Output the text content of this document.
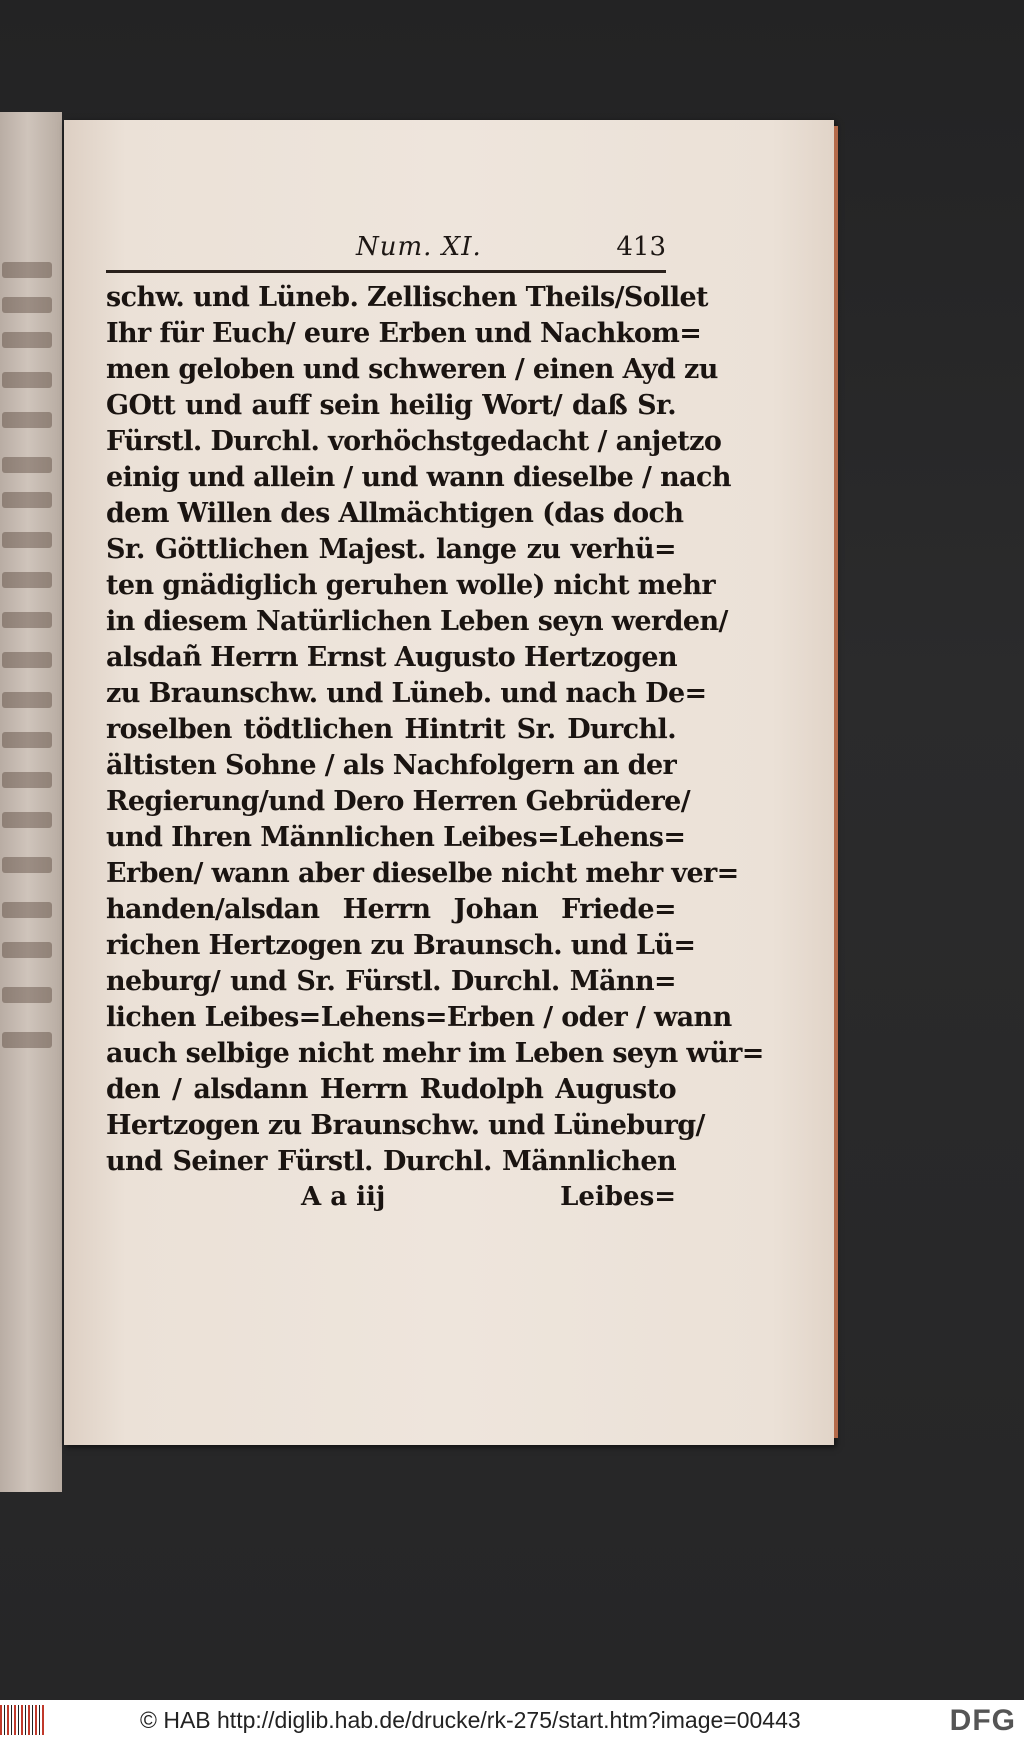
Num. XI.	413
schw. und Lüneb. Zellischen Theils/Sollet
Ihr für Euch/ eure Erben und Nachkom=
men geloben und schweren / einen Ayd zu
GOtt und auff sein heilig Wort/ daß Sr.
Fürstl. Durchl. vorhöchstgedacht / anjetzo
einig und allein / und wann dieselbe / nach
dem Willen des Allmächtigen (das doch
Sr. Göttlichen Majest. lange zu verhü=
ten gnädiglich geruhen wolle) nicht mehr
in diesem Natürlichen Leben seyn werden/
alsdañ Herrn Ernst Augusto Hertzogen
zu Braunschw. und Lüneb. und nach De=
roselben tödtlichen Hintrit Sr. Durchl.
ältisten Sohne / als Nachfolgern an der
Regierung/und Dero Herren Gebrüdere/
und Ihren Männlichen Leibes=Lehens=
Erben/ wann aber dieselbe nicht mehr ver=
handen/alsdan Herrn Johan Friede=
richen Hertzogen zu Braunsch. und Lü=
neburg/ und Sr. Fürstl. Durchl. Männ=
lichen Leibes=Lehens=Erben / oder / wann
auch selbige nicht mehr im Leben seyn wür=
den / alsdann Herrn Rudolph Augusto
Hertzogen zu Braunschw. und Lüneburg/
und Seiner Fürstl. Durchl. Männlichen
A a iij	Leibes=
© HAB http://diglib.hab.de/drucke/rk-275/start.htm?image=00443	DFG
